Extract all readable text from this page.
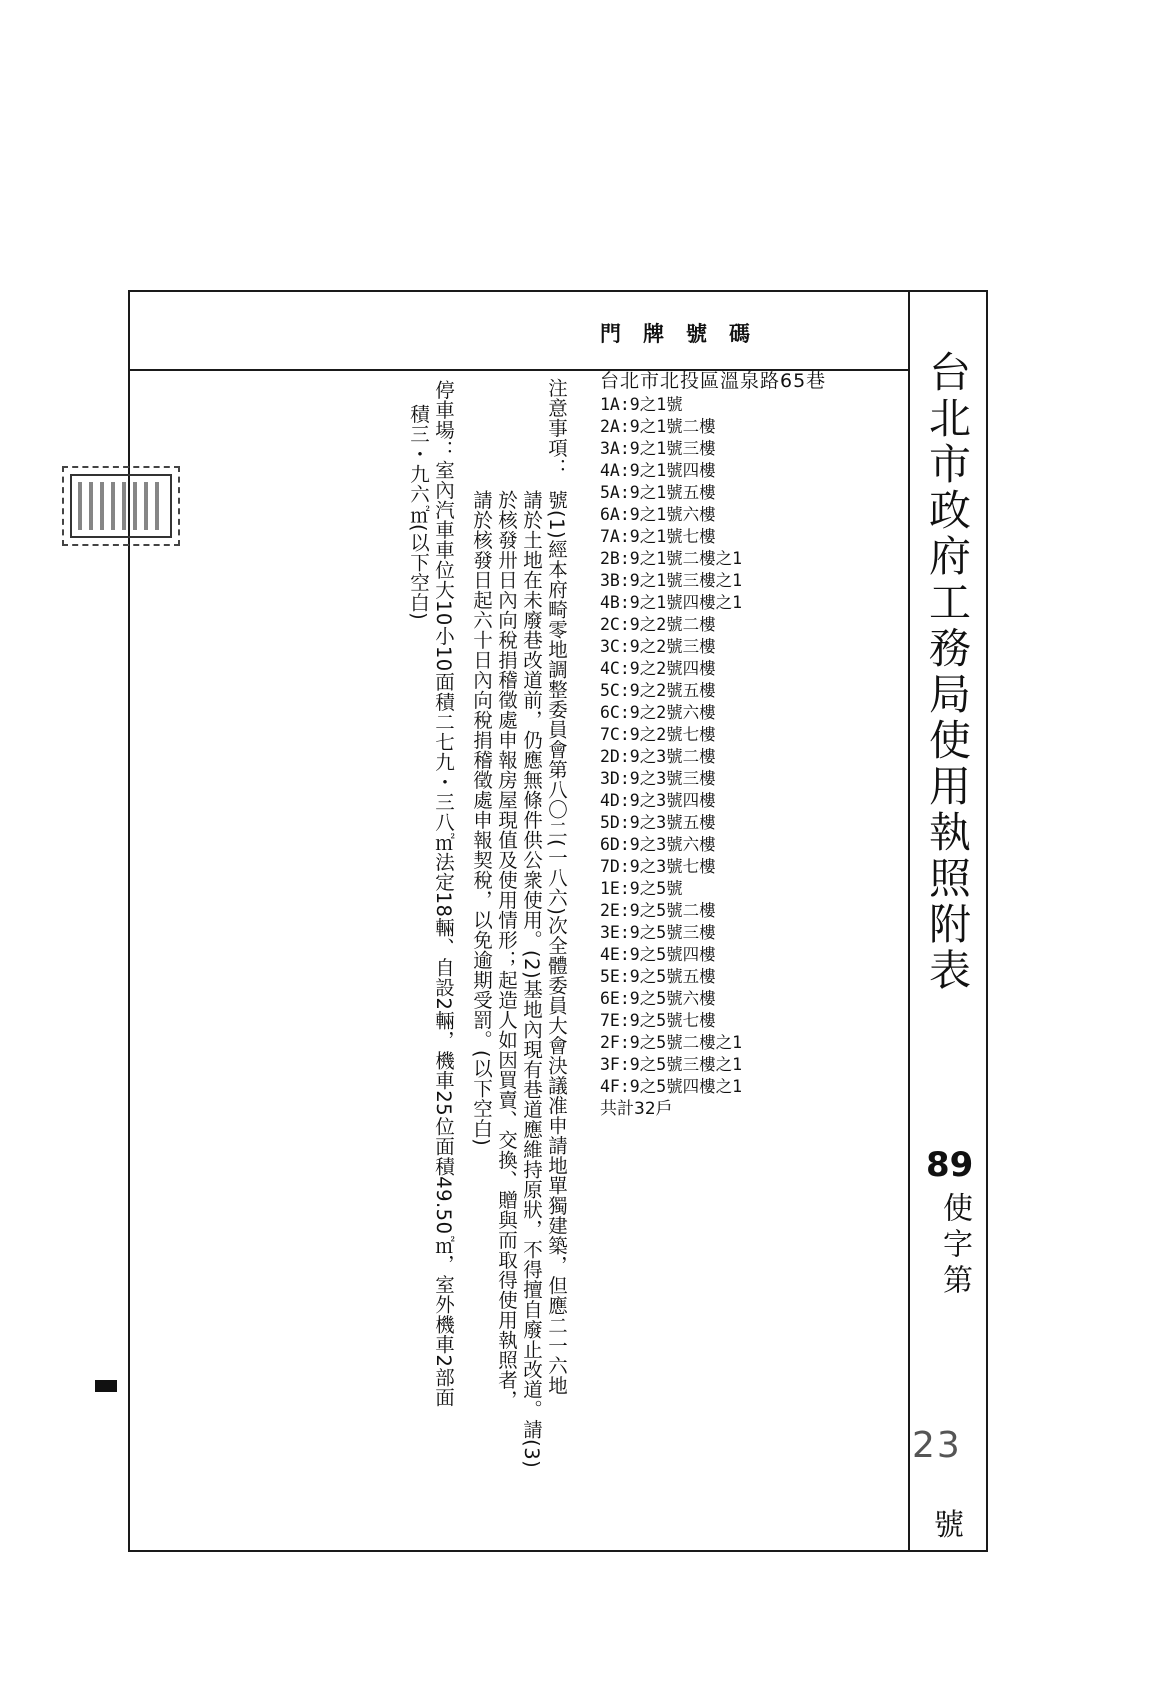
門牌號碼
台北市政府工務局使用執照附表
89
使字第
23
號
台北市北投區溫泉路65巷
1A:9之1號
2A:9之1號二樓
3A:9之1號三樓
4A:9之1號四樓
5A:9之1號五樓
6A:9之1號六樓
7A:9之1號七樓
2B:9之1號二樓之1
3B:9之1號三樓之1
4B:9之1號四樓之1
2C:9之2號二樓
3C:9之2號三樓
4C:9之2號四樓
5C:9之2號五樓
6C:9之2號六樓
7C:9之2號七樓
2D:9之3號二樓
3D:9之3號三樓
4D:9之3號四樓
5D:9之3號五樓
6D:9之3號六樓
7D:9之3號七樓
1E:9之5號
2E:9之5號二樓
3E:9之5號三樓
4E:9之5號四樓
5E:9之5號五樓
6E:9之5號六樓
7E:9之5號七樓
2F:9之5號二樓之1
3F:9之5號三樓之1
4F:9之5號四樓之1
共計32戶
注意事項：
號(1)經本府畸零地調整委員會第八〇二(一八六)次全體委員大會決議准申請地單獨建築，但應二一六地
請於土地在未廢巷改道前，仍應無條件供公衆使用。(2)基地內現有巷道應維持原狀，不得擅自廢止改道。請(3)
於核發卅日內向稅捐稽徵處申報房屋現值及使用情形；起造人如因買賣、交換、贈與而取得使用執照者，
請於核發日起六十日內向稅捐稽徵處申報契稅，以免逾期受罰。(以下空白)
停車場：室內汽車車位大10小10面積二七九・三八㎡法定18輛、自設2輛，機車25位面積49.50㎡，室外機車2部面
積三・九六㎡(以下空白)
